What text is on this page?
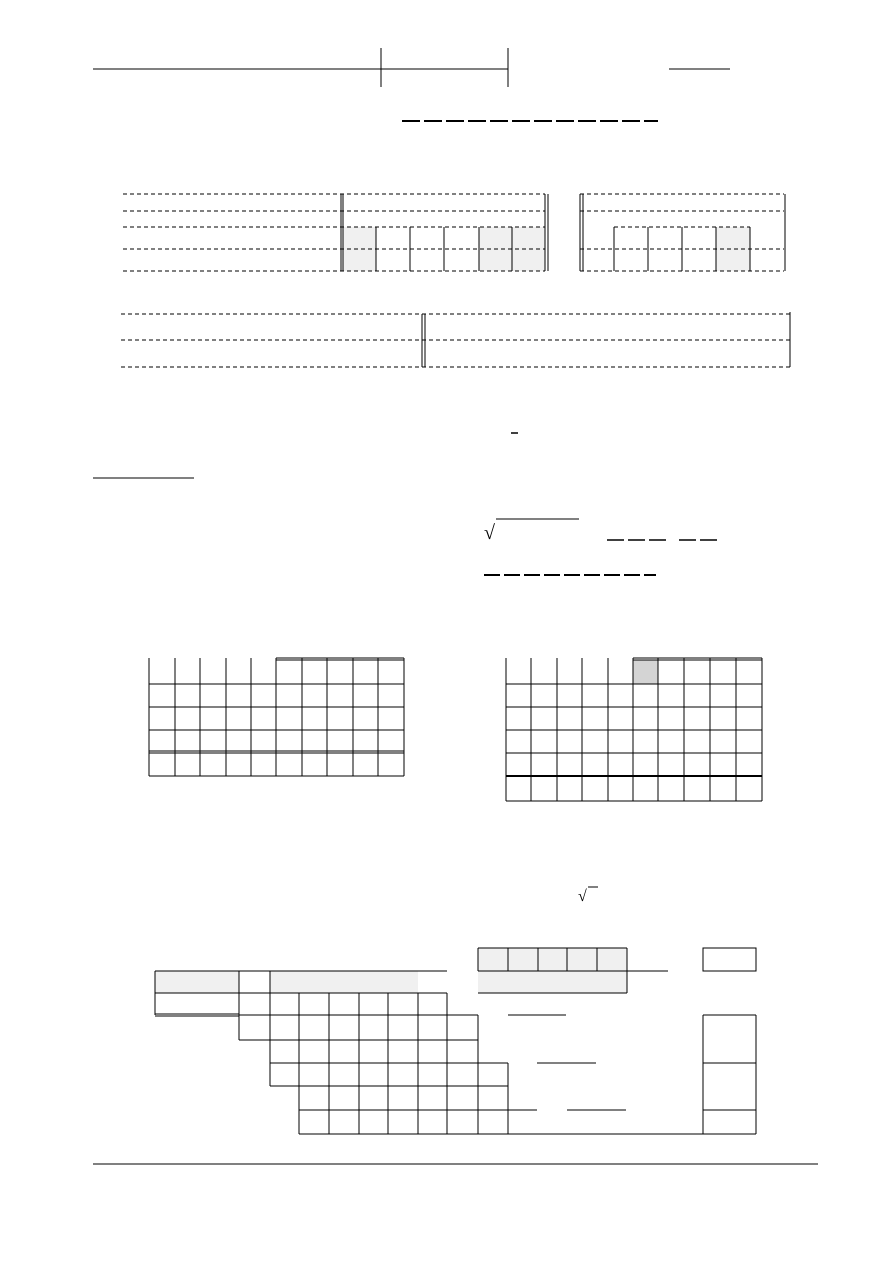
√
√
